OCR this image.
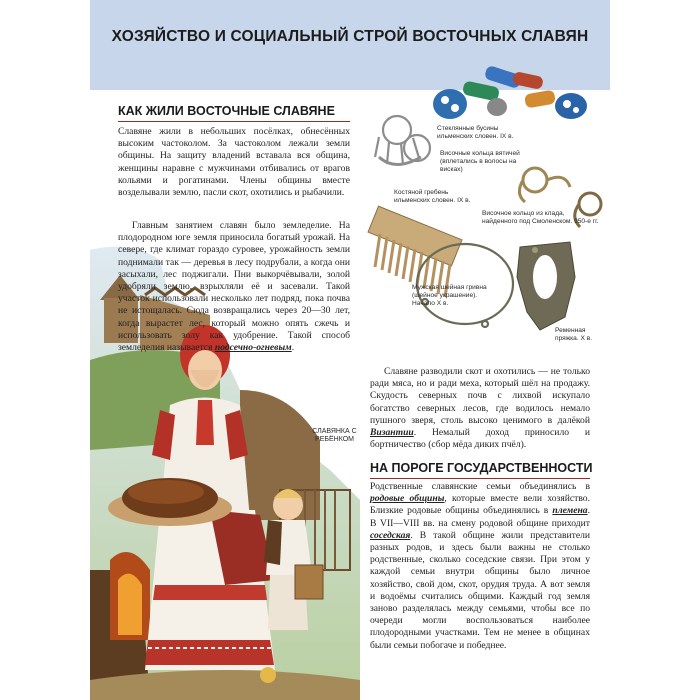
ХОЗЯЙСТВО И СОЦИАЛЬНЫЙ СТРОЙ ВОСТОЧНЫХ СЛАВЯН
КАК ЖИЛИ ВОСТОЧНЫЕ СЛАВЯНЕ

Славяне жили в небольших посёлках, обнесённых высоким частоколом. За частоколом лежали земли общины. На защиту владений вставала вся община, женщины наравне с мужчинами отбивались от врагов кольями и рогатинами. Члены общины вместе возделывали землю, пасли скот, охотились и рыбачили.

Главным занятием славян было земледелие. На плодородном юге земля приносила богатый урожай. На севере, где климат гораздо суровее, урожайность земли поднимали так — деревья в лесу подрубали, а когда они засыхали, лес поджигали. Пни выкорчёвывали, золой удобряли землю, взрыхляли её и засевали. Такой участок использовали несколько лет подряд, пока почва не истощалась. Сюда возвращались через 20—30 лет, когда вырастет лес, который можно опять сжечь и использовать золу как удобрение. Такой способ земледелия называется подсечно-огневым.

СЛАВЯНКА С РЕБЁНКОМ
Стеклянные бусины ильменских словен. IX в.
Височные кольца вятичей (вплетались в волосы на висках)
Костяной гребень ильменских словен. IX в.
Височное кольцо из клада, найденного под Смоленском. 950-е гг.
Мужская шейная гривна (шейное украшение). Начало X в.
Ременная пряжка. X в.

Славяне разводили скот и охотились — не только ради мяса, но и ради меха, который шёл на продажу. Скудость северных почв с лихвой искупало богатство северных лесов, где водилось немало пушного зверя, столь высоко ценимого в далёкой Византии. Немалый доход приносило и бортничество (сбор мёда диких пчёл).

НА ПОРОГЕ ГОСУДАРСТВЕННОСТИ

Родственные славянские семьи объединялись в родовые общины, которые вместе вели хозяйство. Близкие родовые общины объединялись в племена. В VII—VIII вв. на смену родовой общине приходит соседская. В такой общине жили представители разных родов, и здесь были важны не столько родственные, сколько соседские связи. При этом у каждой семьи внутри общины было личное хозяйство, свой дом, скот, орудия труда. А вот земля и водоёмы считались общими. Каждый год земля заново разделялась между семьями, чтобы все по очереди могли воспользоваться наиболее плодородными участками. Тем не менее в общинах были семьи побогаче и победнее.
